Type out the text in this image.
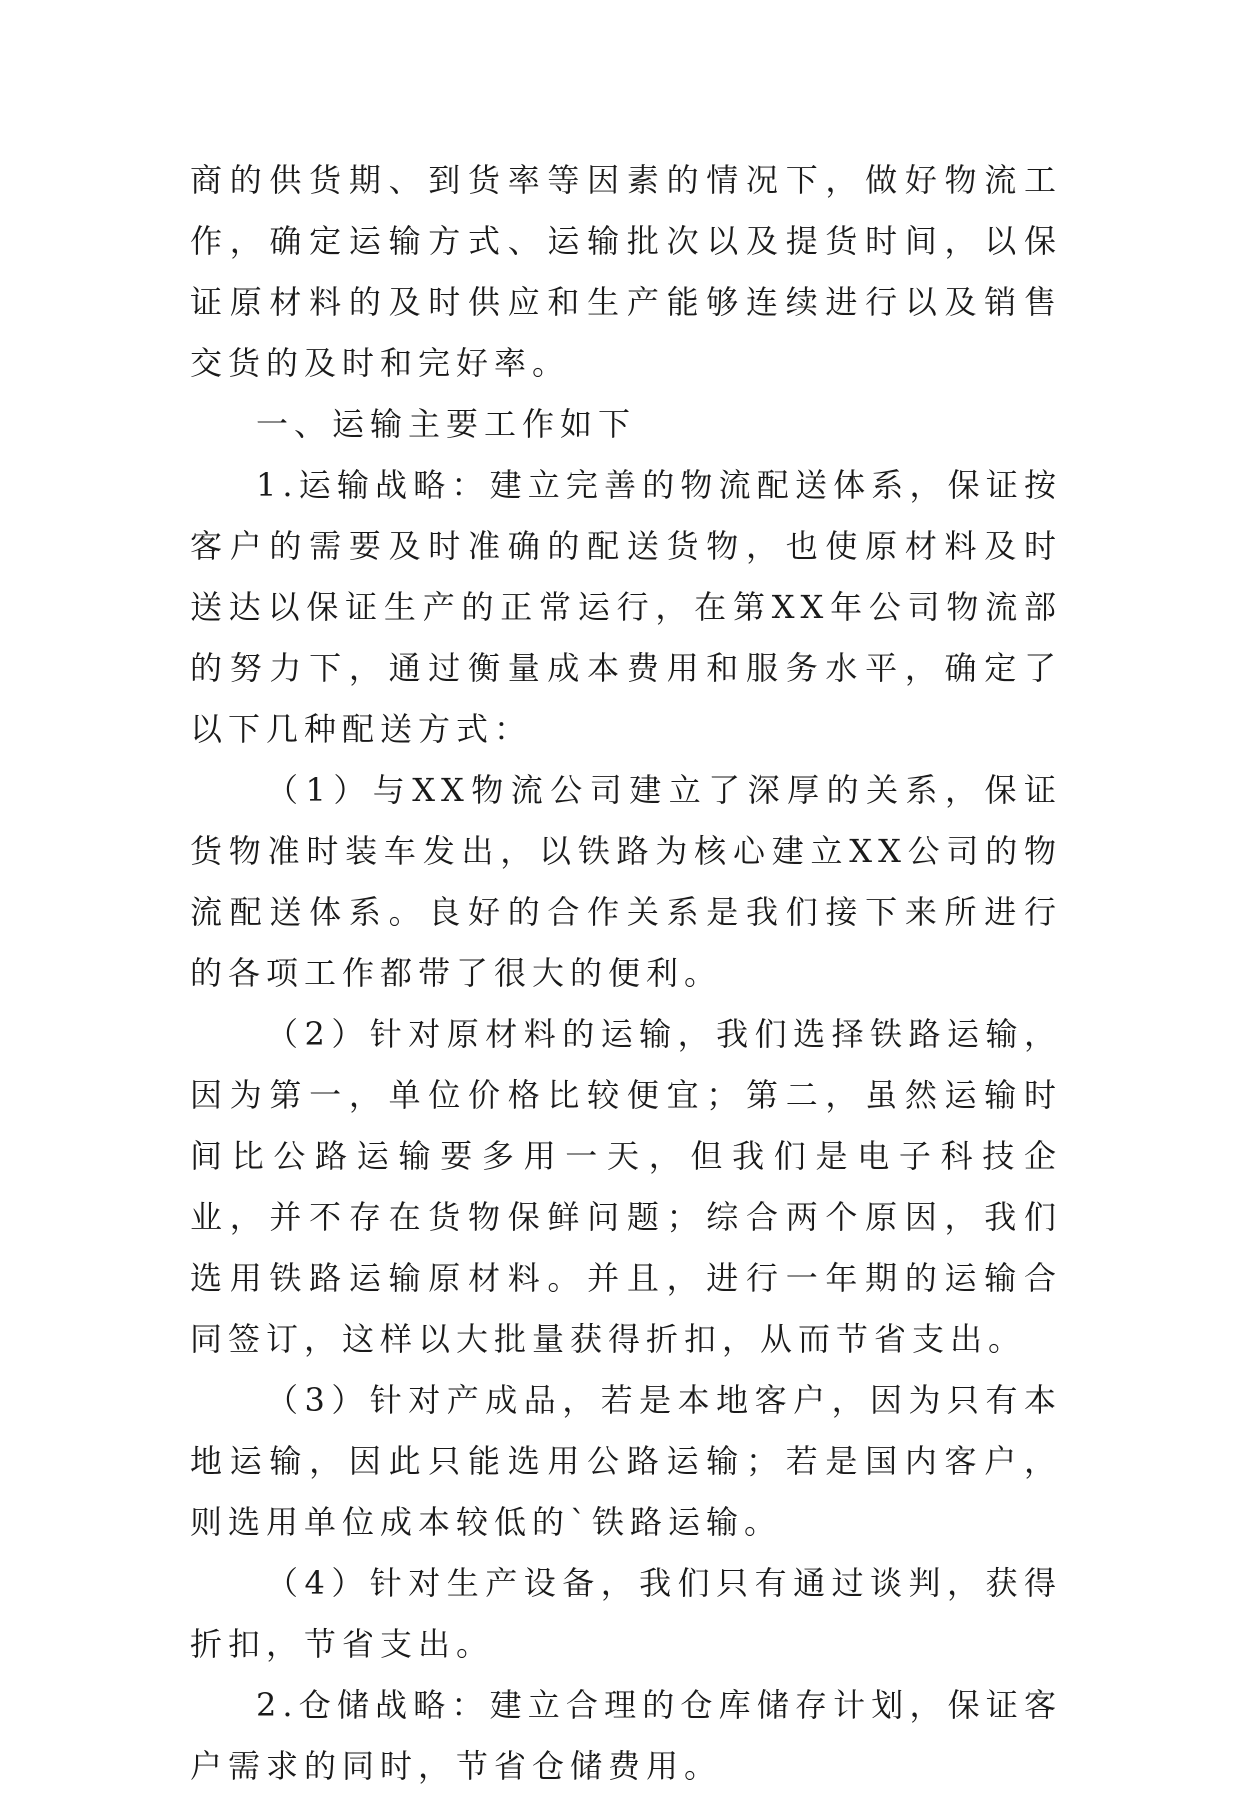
商的供货期、到货率等因素的情况下，做好物流工作，确定运输方式、运输批次以及提货时间，以保证原材料的及时供应和生产能够连续进行以及销售交货的及时和完好率。

一、运输主要工作如下

1.运输战略：建立完善的物流配送体系，保证按客户的需要及时准确的配送货物，也使原材料及时送达以保证生产的正常运行，在第XX年公司物流部的努力下，通过衡量成本费用和服务水平，确定了以下几种配送方式：

（1）与XX物流公司建立了深厚的关系，保证货物准时装车发出，以铁路为核心建立XX公司的物流配送体系。良好的合作关系是我们接下来所进行的各项工作都带了很大的便利。

（2）针对原材料的运输，我们选择铁路运输，因为第一，单位价格比较便宜；第二，虽然运输时间比公路运输要多用一天，但我们是电子科技企业，并不存在货物保鲜问题；综合两个原因，我们选用铁路运输原材料。并且，进行一年期的运输合同签订，这样以大批量获得折扣，从而节省支出。

（3）针对产成品，若是本地客户，因为只有本地运输，因此只能选用公路运输；若是国内客户，则选用单位成本较低的`铁路运输。

（4）针对生产设备，我们只有通过谈判，获得折扣，节省支出。

2.仓储战略：建立合理的仓库储存计划，保证客户需求的同时，节省仓储费用。
